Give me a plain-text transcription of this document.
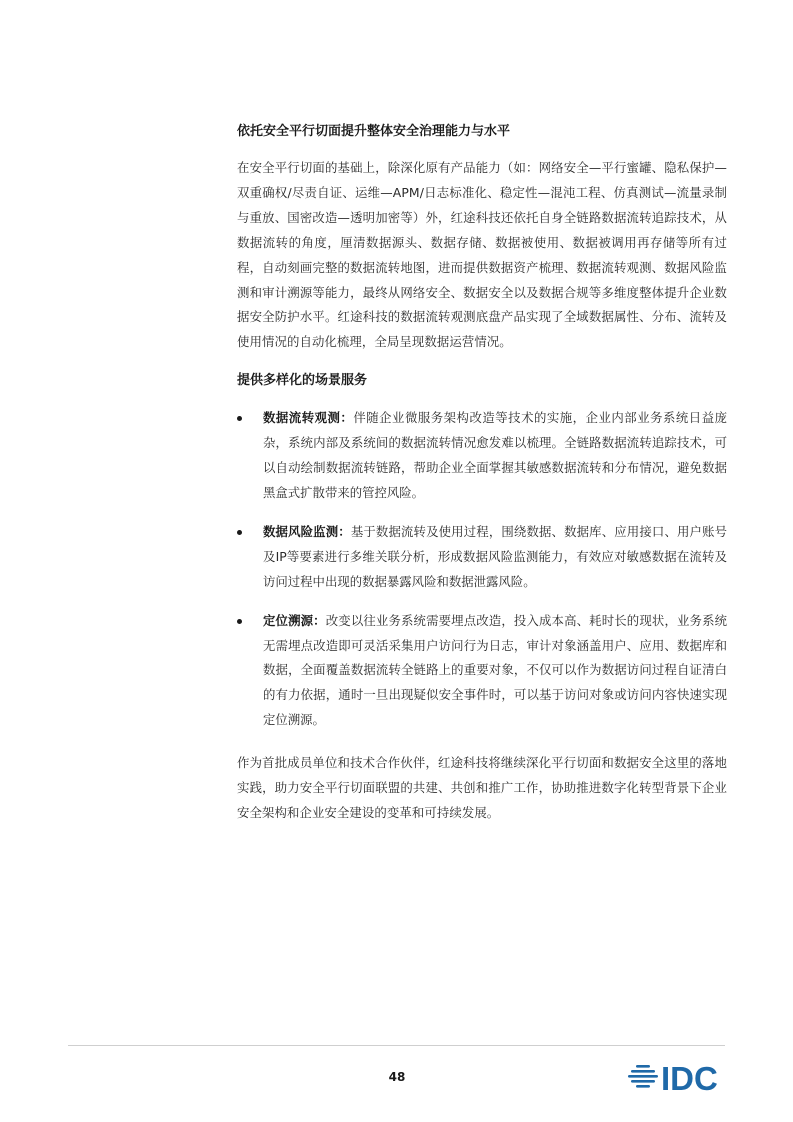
依托安全平行切面提升整体安全治理能力与水平

在安全平行切面的基础上，除深化原有产品能力（如：网络安全—平行蜜罐、隐私保护—双重确权/尽责自证、运维—APM/日志标准化、稳定性—混沌工程、仿真测试—流量录制与重放、国密改造—透明加密等）外，红途科技还依托自身全链路数据流转追踪技术，从数据流转的角度，厘清数据源头、数据存储、数据被使用、数据被调用再存储等所有过程，自动刻画完整的数据流转地图，进而提供数据资产梳理、数据流转观测、数据风险监测和审计溯源等能力，最终从网络安全、数据安全以及数据合规等多维度整体提升企业数据安全防护水平。红途科技的数据流转观测底盘产品实现了全域数据属性、分布、流转及使用情况的自动化梳理，全局呈现数据运营情况。

提供多样化的场景服务

数据流转观测：伴随企业微服务架构改造等技术的实施，企业内部业务系统日益庞杂，系统内部及系统间的数据流转情况愈发难以梳理。全链路数据流转追踪技术，可以自动绘制数据流转链路，帮助企业全面掌握其敏感数据流转和分布情况，避免数据黑盒式扩散带来的管控风险。

数据风险监测：基于数据流转及使用过程，围绕数据、数据库、应用接口、用户账号及IP等要素进行多维关联分析，形成数据风险监测能力，有效应对敏感数据在流转及访问过程中出现的数据暴露风险和数据泄露风险。

定位溯源：改变以往业务系统需要埋点改造，投入成本高、耗时长的现状，业务系统无需埋点改造即可灵活采集用户访问行为日志，审计对象涵盖用户、应用、数据库和数据，全面覆盖数据流转全链路上的重要对象，不仅可以作为数据访问过程自证清白的有力依据，通时一旦出现疑似安全事件时，可以基于访问对象或访问内容快速实现定位溯源。

作为首批成员单位和技术合作伙伴，红途科技将继续深化平行切面和数据安全这里的落地实践，助力安全平行切面联盟的共建、共创和推广工作，协助推进数字化转型背景下企业安全架构和企业安全建设的变革和可持续发展。

48	IDC
